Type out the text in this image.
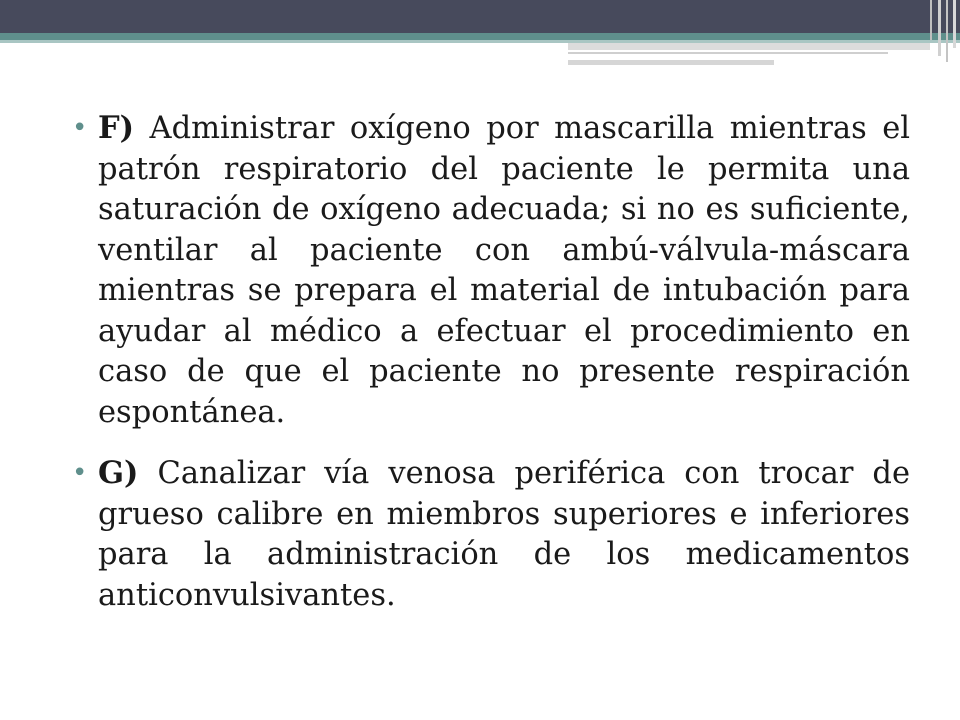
• F) Administrar oxígeno por mascarilla mientras el patrón respiratorio del paciente le permita una saturación de oxígeno adecuada; si no es suficiente, ventilar al paciente con ambú-válvula-máscara mientras se prepara el material de intubación para ayudar al médico a efectuar el procedimiento en caso de que el paciente no presente respiración espontánea.
• G) Canalizar vía venosa periférica con trocar de grueso calibre en miembros superiores e inferiores para la administración de los medicamentos anticonvulsivantes.
